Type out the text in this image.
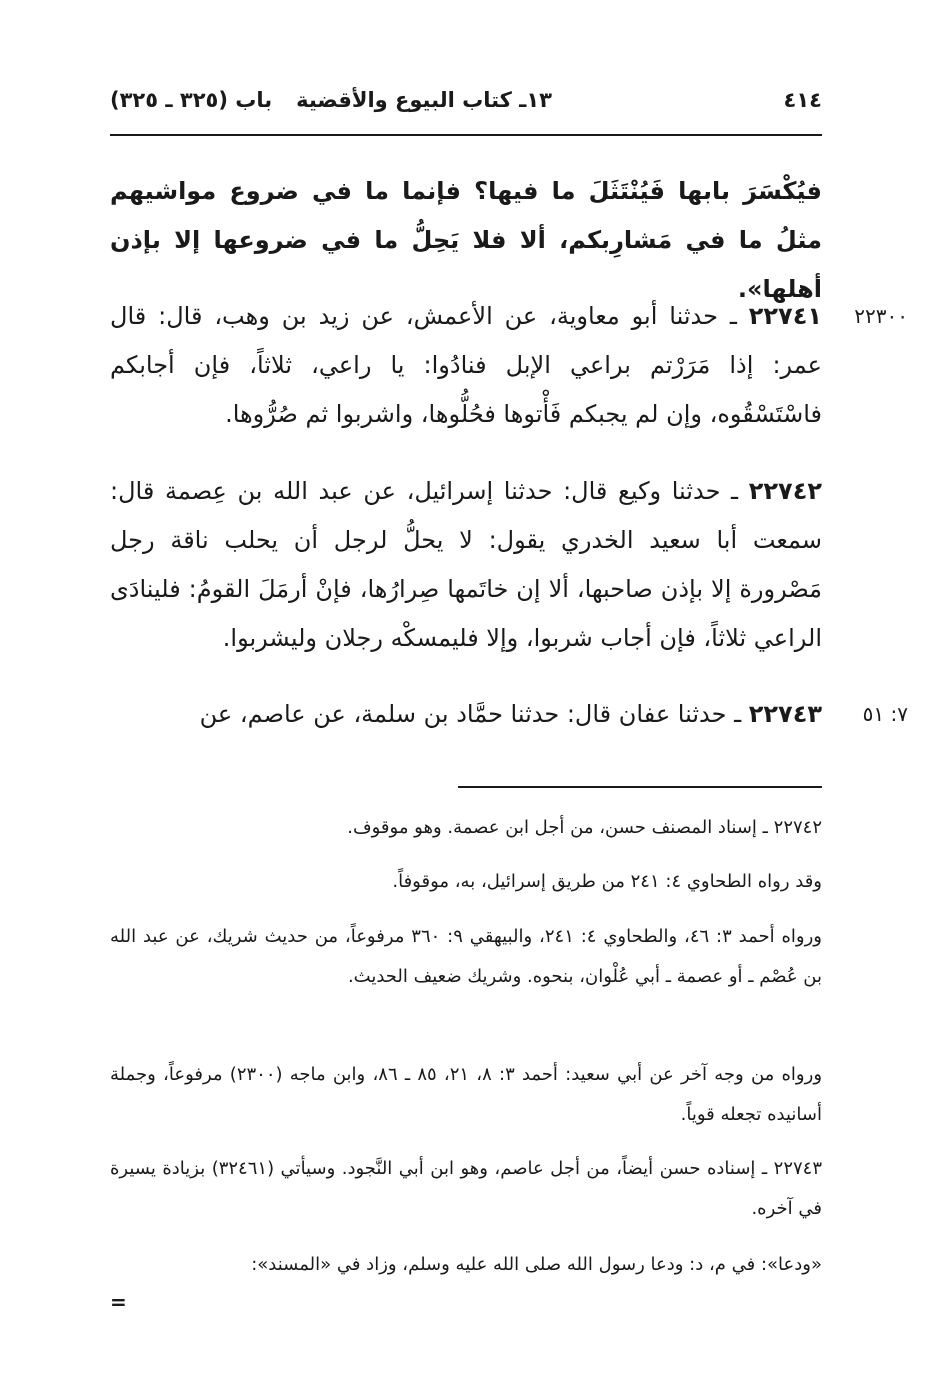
٤١٤
١٣ـ كتاب البيوع والأقضية
باب (٣٢٥ ـ ٣٢٥)
فيُكْسَرَ بابها فَيُنْتَثَلَ ما فيها؟ فإنما ما في ضروع مواشيهم مثلُ ما في مَشارِبكم، ألا فلا يَحِلُّ ما في ضروعها إلا بإذن أهلها».
٢٢٧٤١ ـ حدثنا أبو معاوية، عن الأعمش، عن زيد بن وهب، قال: قال عمر: إذا مَرَرْتم براعي الإبل فنادُوا: يا راعي، ثلاثاً، فإن أجابكم فاسْتَسْقُوه، وإن لم يجبكم فَأْتوها فحُلُّوها، واشربوا ثم صُرُّوها.
٢٢٣٠٠
٢٢٧٤٢ ـ حدثنا وكيع قال: حدثنا إسرائيل، عن عبد الله بن عِصمة قال: سمعت أبا سعيد الخدري يقول: لا يحلُّ لرجل أن يحلب ناقة رجل مَصْرورة إلا بإذن صاحبها، ألا إن خاتَمها صِرارُها، فإنْ أرمَلَ القومُ: فلينادَى الراعي ثلاثاً، فإن أجاب شربوا، وإلا فليمسكْه رجلان وليشربوا.
٢٢٧٤٣ ـ حدثنا عفان قال: حدثنا حمَّاد بن سلمة، عن عاصم، عن	٧: ٥١
٢٢٧٤٢ ـ إسناد المصنف حسن، من أجل ابن عصمة. وهو موقوف.
وقد رواه الطحاوي ٤: ٢٤١ من طريق إسرائيل، به، موقوفاً.
ورواه أحمد ٣: ٤٦، والطحاوي ٤: ٢٤١، والبيهقي ٩: ٣٦٠ مرفوعاً، من حديث شريك، عن عبد الله بن عُصْم ـ أو عصمة ـ أبي عُلْوان، بنحوه. وشريك ضعيف الحديث.
ورواه من وجه آخر عن أبي سعيد: أحمد ٣: ٨، ٢١، ٨٥ ـ ٨٦، وابن ماجه (٢٣٠٠) مرفوعاً، وجملة أسانيده تجعله قوياً.
٢٢٧٤٣ ـ إسناده حسن أيضاً، من أجل عاصم، وهو ابن أبي النَّجود. وسيأتي (٣٢٤٦١) بزيادة يسيرة في آخره.
«ودعا»: في م، د: ودعا رسول الله صلى الله عليه وسلم، وزاد في «المسند»:
=
